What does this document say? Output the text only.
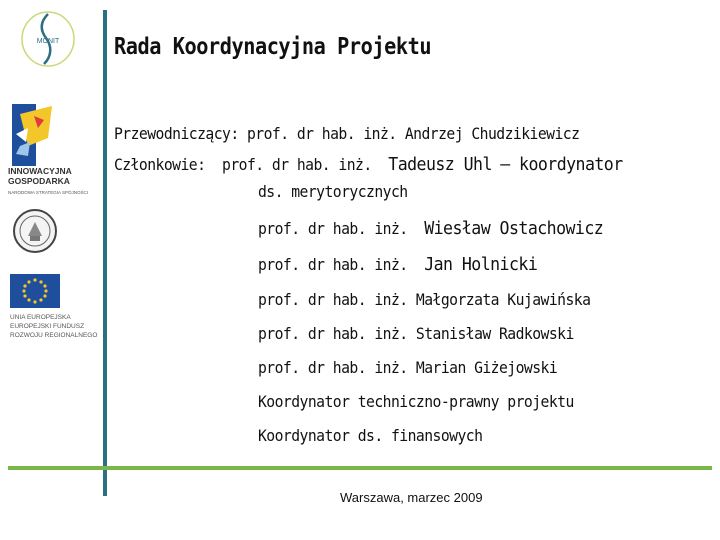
MONIT
INNOWACYJNA
GOSPODARKA
NARODOWA STRATEGIA SPÓJNOŚCI
UNIA EUROPEJSKA
EUROPEJSKI FUNDUSZ
ROZWOJU REGIONALNEGO
Rada Koordynacyjna Projektu
Przewodniczący: prof. dr hab. inż. Andrzej Chudzikiewicz
Członkowie: prof. dr hab. inż. Tadeusz Uhl – koordynator
ds. merytorycznych
prof. dr hab. inż. Wiesław Ostachowicz
prof. dr hab. inż. Jan Holnicki
prof. dr hab. inż. Małgorzata Kujawińska
prof. dr hab. inż. Stanisław Radkowski
prof. dr hab. inż. Marian Giżejowski
Koordynator techniczno-prawny projektu
Koordynator ds. finansowych
Warszawa, marzec 2009
